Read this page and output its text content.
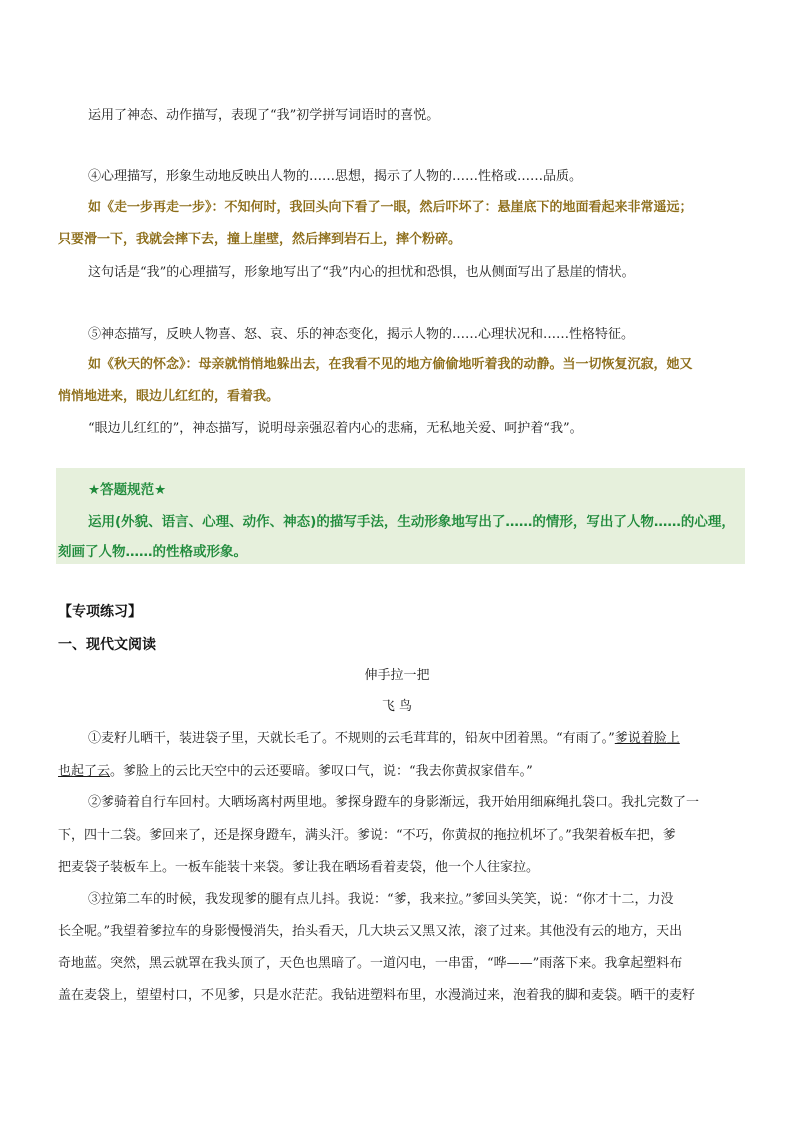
运用了神态、动作描写，表现了“我”初学拼写词语时的喜悦。
④心理描写，形象生动地反映出人物的……思想，揭示了人物的……性格或……品质。
如《走一步再走一步》：不知何时，我回头向下看了一眼，然后吓坏了：悬崖底下的地面看起来非常遥远；
只要滑一下，我就会摔下去，撞上崖壁，然后摔到岩石上，摔个粉碎。
这句话是“我”的心理描写，形象地写出了“我”内心的担忧和恐惧，也从侧面写出了悬崖的情状。
⑤神态描写，反映人物喜、怒、哀、乐的神态变化，揭示人物的……心理状况和……性格特征。
如《秋天的怀念》：母亲就悄悄地躲出去，在我看不见的地方偷偷地听着我的动静。当一切恢复沉寂，她又
悄悄地进来，眼边儿红红的，看着我。
“眼边儿红红的”，神态描写，说明母亲强忍着内心的悲痛，无私地关爱、呵护着“我”。
★答题规范★
运用(外貌、语言、心理、动作、神态)的描写手法，生动形象地写出了……的情形，写出了人物……的心理，
刻画了人物……的性格或形象。
【专项练习】
一、现代文阅读
伸手拉一把
飞 鸟
①麦籽儿晒干，装进袋子里，天就长毛了。不规则的云毛茸茸的，铅灰中团着黑。“有雨了。”爹说着脸上
也起了云。爹脸上的云比天空中的云还要暗。爹叹口气，说：“我去你黄叔家借车。”
②爹骑着自行车回村。大晒场离村两里地。爹探身蹬车的身影渐远，我开始用细麻绳扎袋口。我扎完数了一
下，四十二袋。爹回来了，还是探身蹬车，满头汗。爹说：“不巧，你黄叔的拖拉机坏了。”我架着板车把，爹
把麦袋子装板车上。一板车能装十来袋。爹让我在晒场看着麦袋，他一个人往家拉。
③拉第二车的时候，我发现爹的腿有点儿抖。我说：“爹，我来拉。”爹回头笑笑，说：“你才十二，力没
长全呢。”我望着爹拉车的身影慢慢消失，抬头看天，几大块云又黑又浓，滚了过来。其他没有云的地方，天出
奇地蓝。突然，黑云就罩在我头顶了，天色也黑暗了。一道闪电，一串雷，“哗——”雨落下来。我拿起塑料布
盖在麦袋上，望望村口，不见爹，只是水茫茫。我钻进塑料布里，水漫淌过来，泡着我的脚和麦袋。晒干的麦籽
